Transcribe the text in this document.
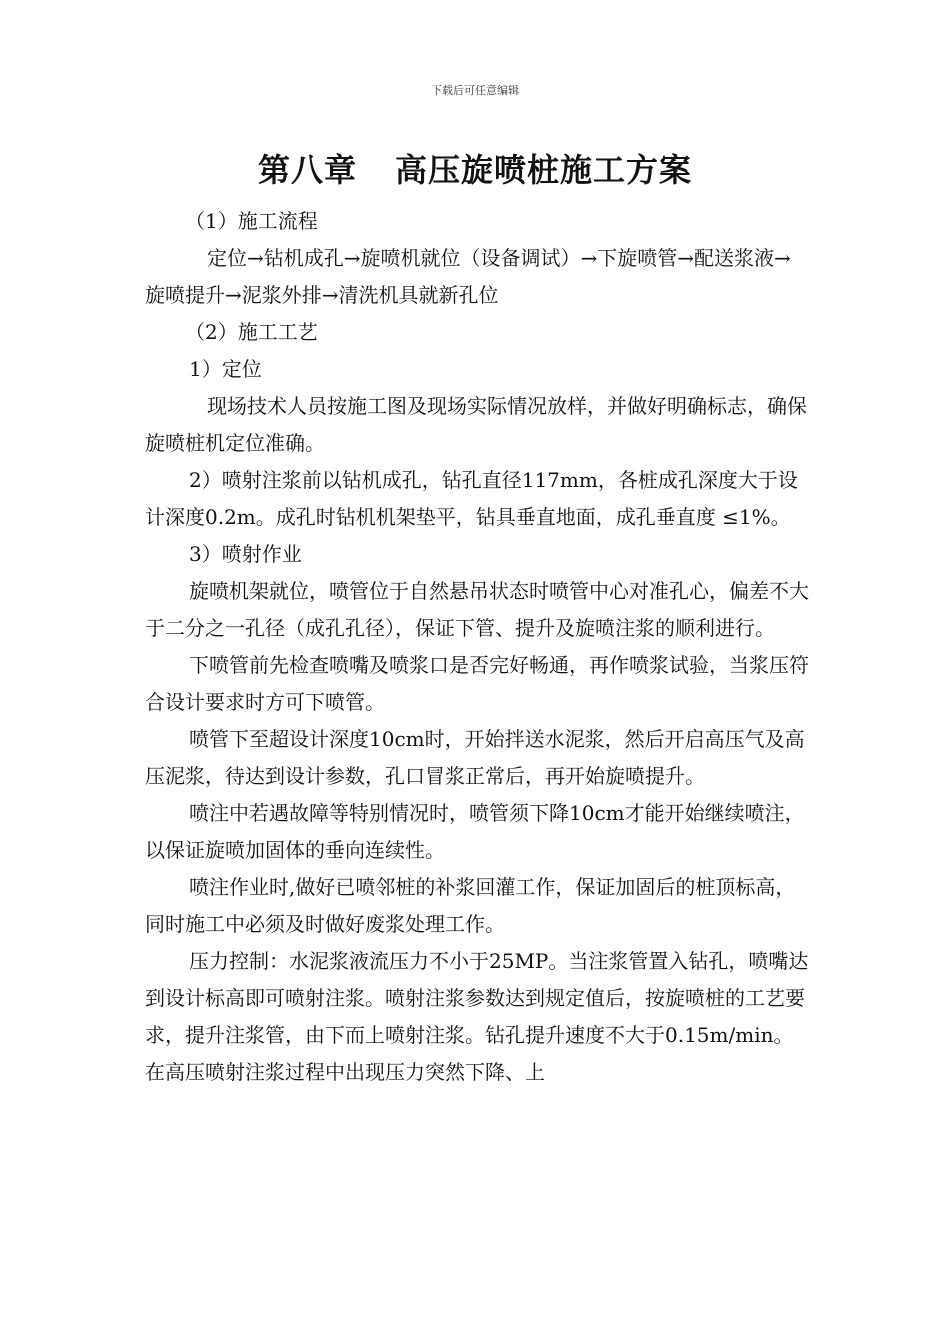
下载后可任意编辑
第八章 高压旋喷桩施工方案

（1）施工流程

定位→钻机成孔→旋喷机就位（设备调试）→下旋喷管→配送浆液→旋喷提升→泥浆外排→清洗机具就新孔位

（2）施工工艺

1）定位

现场技术人员按施工图及现场实际情况放样，并做好明确标志，确保旋喷桩机定位准确。

2）喷射注浆前以钻机成孔，钻孔直径117mm，各桩成孔深度大于设计深度0.2m。成孔时钻机机架垫平，钻具垂直地面，成孔垂直度 ≤1%。

3）喷射作业

旋喷机架就位，喷管位于自然悬吊状态时喷管中心对准孔心，偏差不大于二分之一孔径（成孔孔径），保证下管、提升及旋喷注浆的顺利进行。

下喷管前先检查喷嘴及喷浆口是否完好畅通，再作喷浆试验，当浆压符合设计要求时方可下喷管。

喷管下至超设计深度10cm时，开始拌送水泥浆，然后开启高压气及高压泥浆，待达到设计参数，孔口冒浆正常后，再开始旋喷提升。

喷注中若遇故障等特别情况时，喷管须下降10cm才能开始继续喷注，以保证旋喷加固体的垂向连续性。

喷注作业时,做好已喷邻桩的补浆回灌工作，保证加固后的桩顶标高，同时施工中必须及时做好废浆处理工作。

压力控制：水泥浆液流压力不小于25MP。当注浆管置入钻孔，喷嘴达到设计标高即可喷射注浆。喷射注浆参数达到规定值后，按旋喷桩的工艺要求，提升注浆管，由下而上喷射注浆。钻孔提升速度不大于0.15m/min。在高压喷射注浆过程中出现压力突然下降、上
